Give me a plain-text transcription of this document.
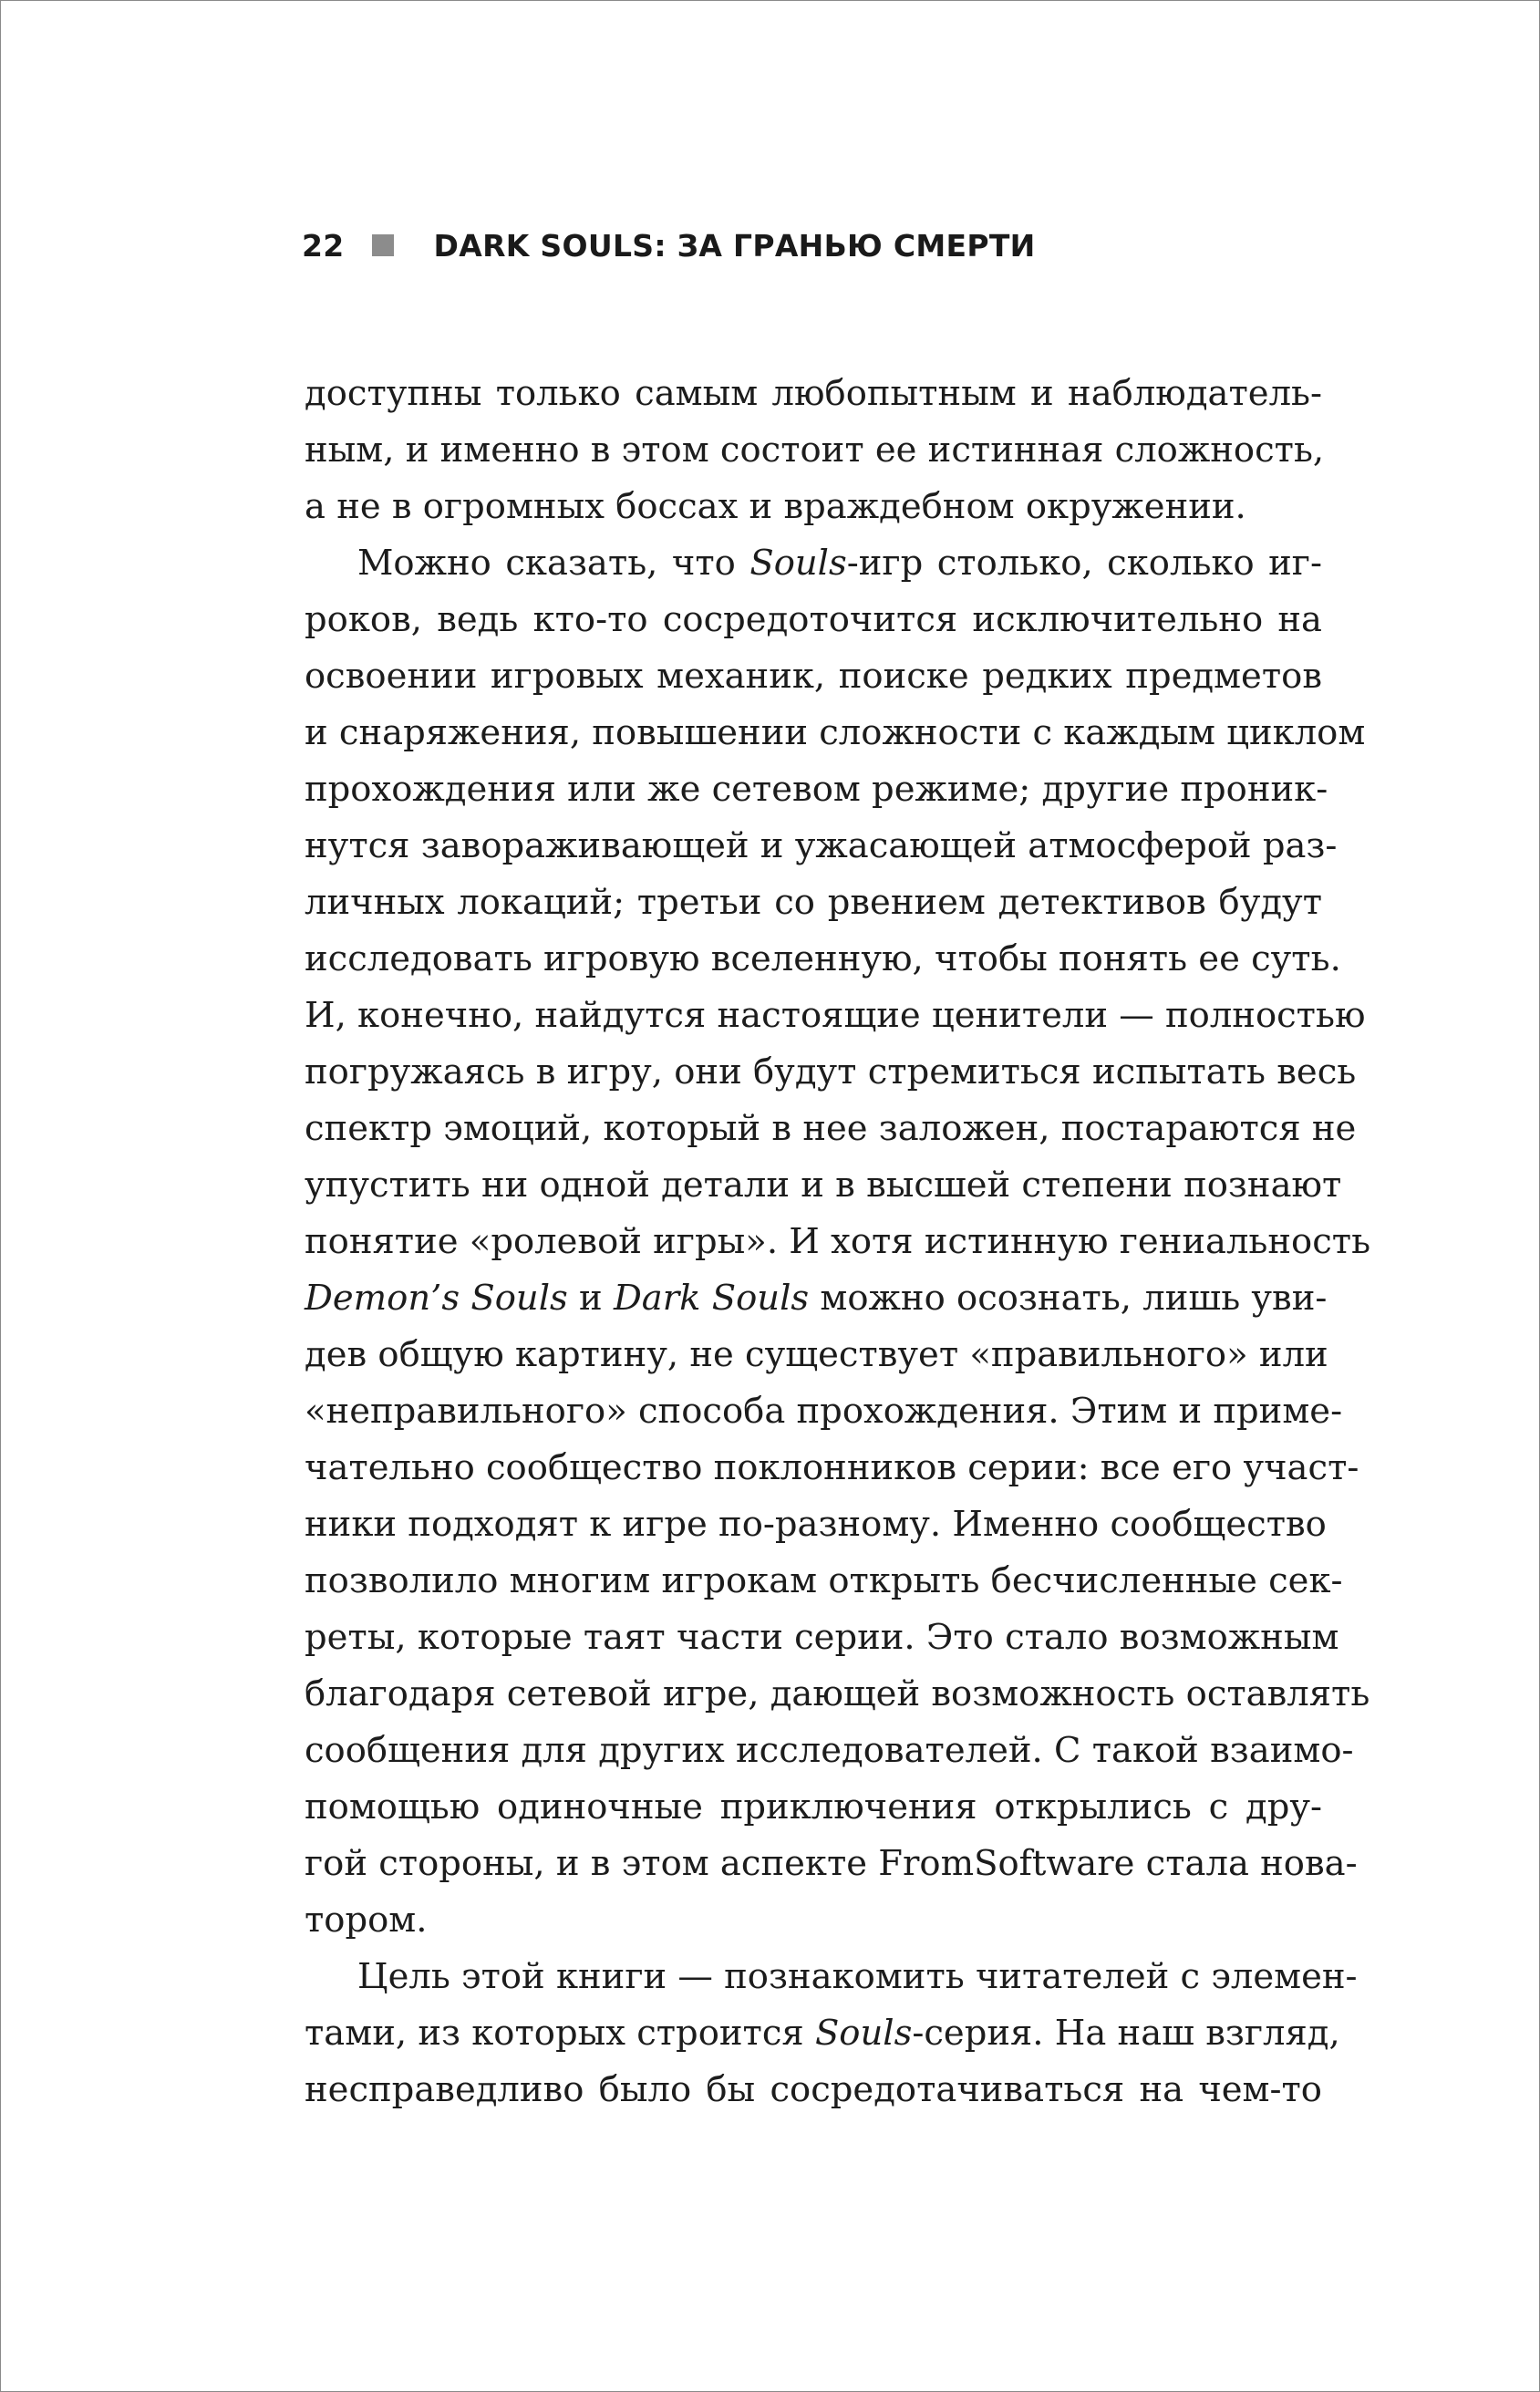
22	DARK SOULS: ЗА ГРАНЬЮ СМЕРТИ
доступны только самым любопытным и наблюдатель-
ным, и именно в этом состоит ее истинная сложность,
а не в огромных боссах и враждебном окружении.
Можно сказать, что Souls-игр столько, сколько иг-
роков, ведь кто-то сосредоточится исключительно на
освоении игровых механик, поиске редких предметов
и снаряжения, повышении сложности с каждым циклом
прохождения или же сетевом режиме; другие проник-
нутся завораживающей и ужасающей атмосферой раз-
личных локаций; третьи со рвением детективов будут
исследовать игровую вселенную, чтобы понять ее суть.
И, конечно, найдутся настоящие ценители — полностью
погружаясь в игру, они будут стремиться испытать весь
спектр эмоций, который в нее заложен, постараются не
упустить ни одной детали и в высшей степени познают
понятие «ролевой игры». И хотя истинную гениальность
Demon’s Souls и Dark Souls можно осознать, лишь уви-
дев общую картину, не существует «правильного» или
«неправильного» способа прохождения. Этим и приме-
чательно сообщество поклонников серии: все его участ-
ники подходят к игре по-разному. Именно сообщество
позволило многим игрокам открыть бесчисленные сек-
реты, которые таят части серии. Это стало возможным
благодаря сетевой игре, дающей возможность оставлять
сообщения для других исследователей. С такой взаимо-
помощью одиночные приключения открылись с дру-
гой стороны, и в этом аспекте FromSoftware стала нова-
тором.
Цель этой книги — познакомить читателей с элемен-
тами, из которых строится Souls-серия. На наш взгляд,
несправедливо было бы сосредотачиваться на чем-то
